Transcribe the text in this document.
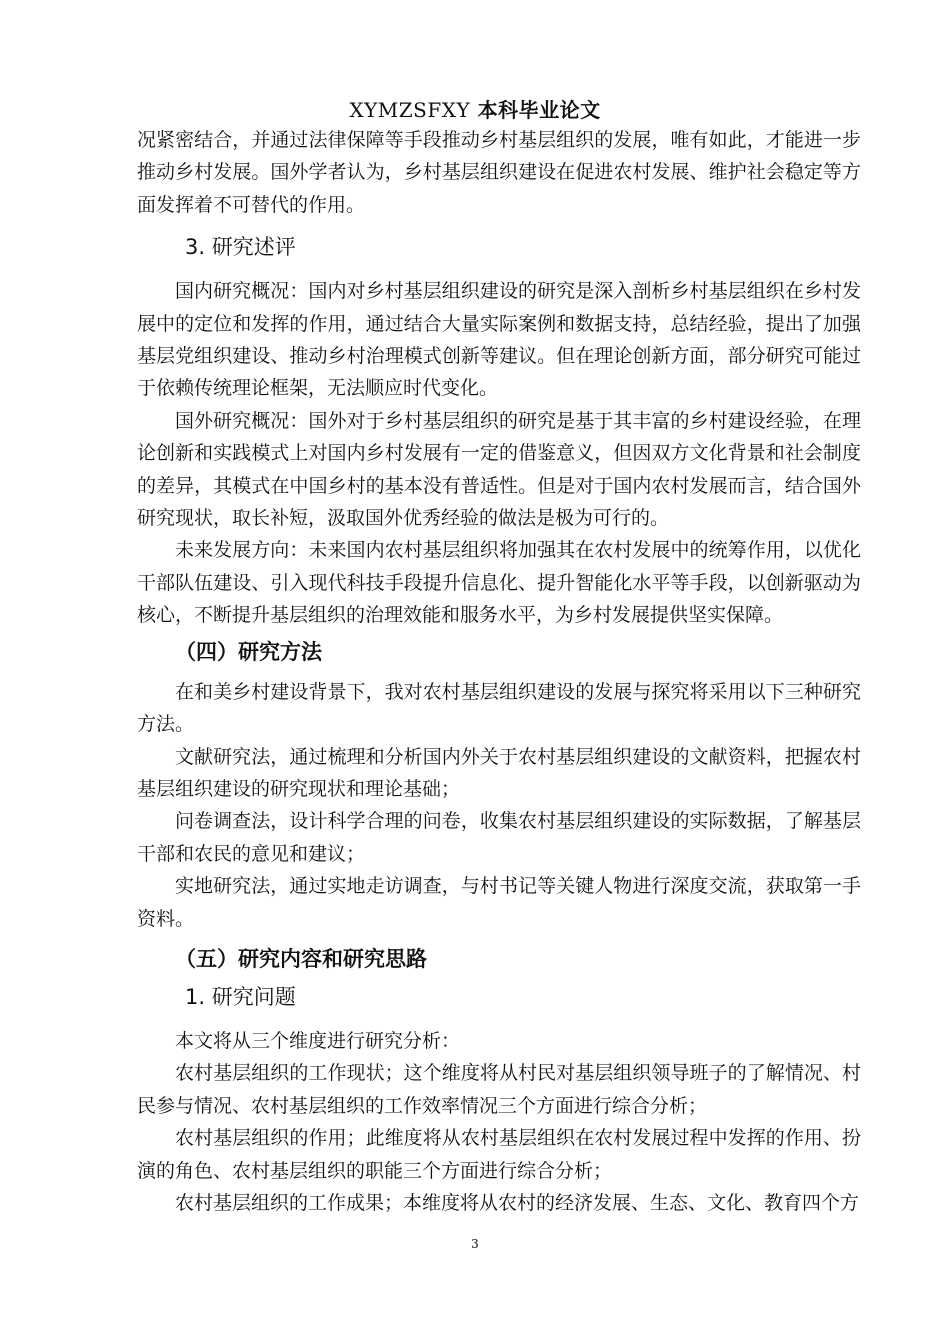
XYMZSFXY 本科毕业论文

况紧密结合，并通过法律保障等手段推动乡村基层组织的发展，唯有如此，才能进一步推动乡村发展。国外学者认为，乡村基层组织建设在促进农村发展、维护社会稳定等方面发挥着不可替代的作用。

3. 研究述评

国内研究概况：国内对乡村基层组织建设的研究是深入剖析乡村基层组织在乡村发展中的定位和发挥的作用，通过结合大量实际案例和数据支持，总结经验，提出了加强基层党组织建设、推动乡村治理模式创新等建议。但在理论创新方面，部分研究可能过于依赖传统理论框架，无法顺应时代变化。

国外研究概况：国外对于乡村基层组织的研究是基于其丰富的乡村建设经验，在理论创新和实践模式上对国内乡村发展有一定的借鉴意义，但因双方文化背景和社会制度的差异，其模式在中国乡村的基本没有普适性。但是对于国内农村发展而言，结合国外研究现状，取长补短，汲取国外优秀经验的做法是极为可行的。

未来发展方向：未来国内农村基层组织将加强其在农村发展中的统筹作用，以优化干部队伍建设、引入现代科技手段提升信息化、提升智能化水平等手段，以创新驱动为核心，不断提升基层组织的治理效能和服务水平，为乡村发展提供坚实保障。

（四）研究方法

在和美乡村建设背景下，我对农村基层组织建设的发展与探究将采用以下三种研究方法。

文献研究法，通过梳理和分析国内外关于农村基层组织建设的文献资料，把握农村基层组织建设的研究现状和理论基础；

问卷调查法，设计科学合理的问卷，收集农村基层组织建设的实际数据，了解基层干部和农民的意见和建议；

实地研究法，通过实地走访调查，与村书记等关键人物进行深度交流，获取第一手资料。

（五）研究内容和研究思路
1. 研究问题

本文将从三个维度进行研究分析：

农村基层组织的工作现状；这个维度将从村民对基层组织领导班子的了解情况、村民参与情况、农村基层组织的工作效率情况三个方面进行综合分析；

农村基层组织的作用；此维度将从农村基层组织在农村发展过程中发挥的作用、扮演的角色、农村基层组织的职能三个方面进行综合分析；

农村基层组织的工作成果；本维度将从农村的经济发展、生态、文化、教育四个方

3
